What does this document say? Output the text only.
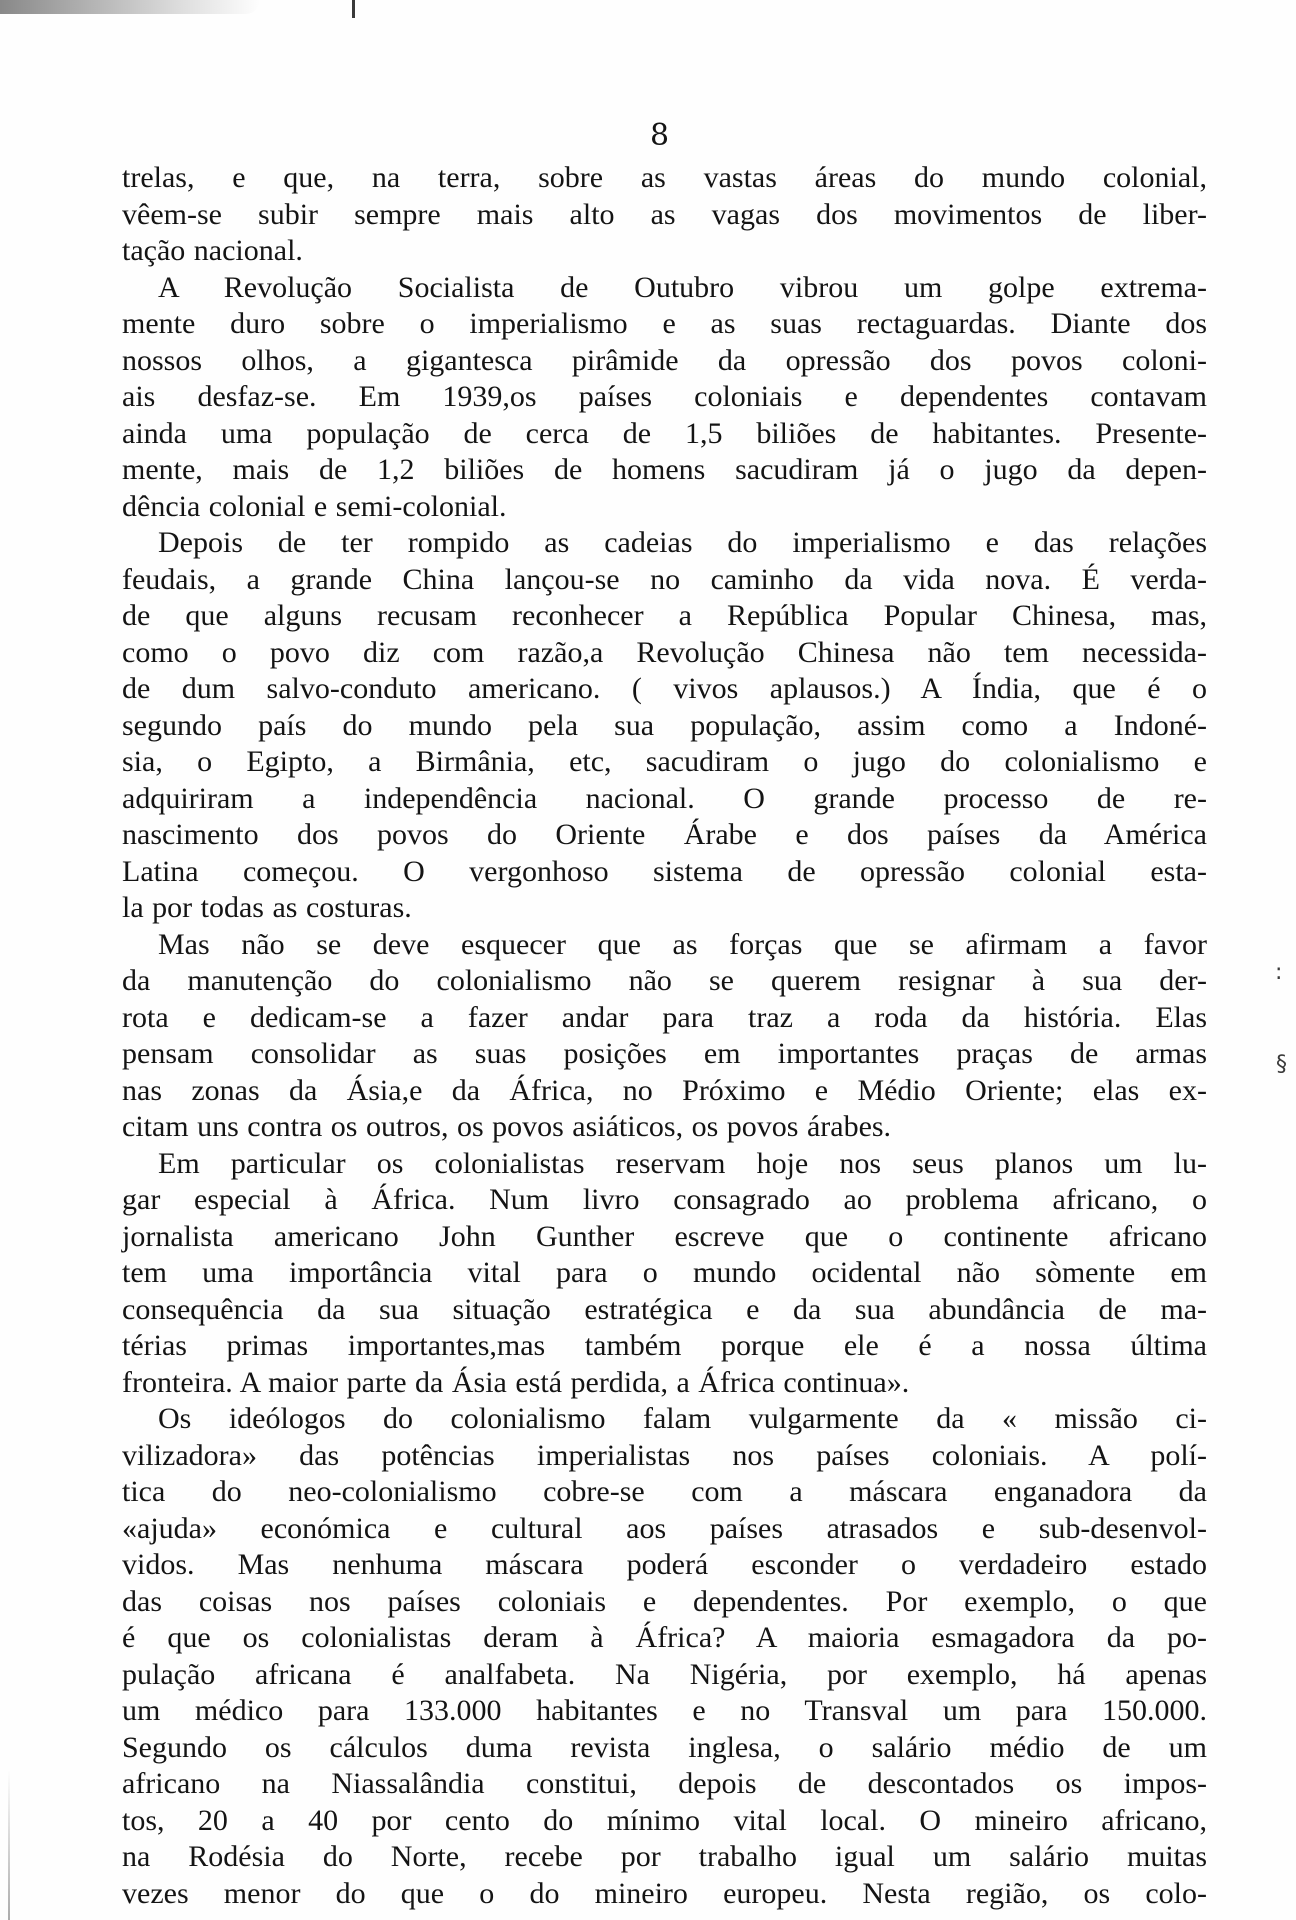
8
trelas, e que, na terra, sobre as vastas áreas do mundo colonial,
vêem-se subir sempre mais alto as vagas dos movimentos de liber-
tação nacional.
A Revolução Socialista de Outubro vibrou um golpe extrema-
mente duro sobre o imperialismo e as suas rectaguardas. Diante dos
nossos olhos, a gigantesca pirâmide da opressão dos povos coloni-
ais desfaz-se. Em 1939,os países coloniais e dependentes contavam
ainda uma população de cerca de 1,5 biliões de habitantes. Presente-
mente, mais de 1,2 biliões de homens sacudiram já o jugo da depen-
dência colonial e semi-colonial.
Depois de ter rompido as cadeias do imperialismo e das relações
feudais, a grande China lançou-se no caminho da vida nova. É verda-
de que alguns recusam reconhecer a República Popular Chinesa, mas,
como o povo diz com razão,a Revolução Chinesa não tem necessida-
de dum salvo-conduto americano. ( vivos aplausos.) A Índia, que é o
segundo país do mundo pela sua população, assim como a Indoné-
sia, o Egipto, a Birmânia, etc, sacudiram o jugo do colonialismo e
adquiriram a independência nacional. O grande processo de re-
nascimento dos povos do Oriente Árabe e dos países da América
Latina começou. O vergonhoso sistema de opressão colonial esta-
la por todas as costuras.
Mas não se deve esquecer que as forças que se afirmam a favor
da manutenção do colonialismo não se querem resignar à sua der-
rota e dedicam-se a fazer andar para traz a roda da história. Elas
pensam consolidar as suas posições em importantes praças de armas
nas zonas da Ásia,e da África, no Próximo e Médio Oriente; elas ex-
citam uns contra os outros, os povos asiáticos, os povos árabes.
Em particular os colonialistas reservam hoje nos seus planos um lu-
gar especial à África. Num livro consagrado ao problema africano, o
jornalista americano John Gunther escreve que o continente africano
tem uma importância vital para o mundo ocidental não sòmente em
consequência da sua situação estratégica e da sua abundância de ma-
térias primas importantes,mas também porque ele é a nossa última
fronteira. A maior parte da Ásia está perdida, a África continua».
Os ideólogos do colonialismo falam vulgarmente da « missão ci-
vilizadora» das potências imperialistas nos países coloniais. A polí-
tica do neo-colonialismo cobre-se com a máscara enganadora da
«ajuda» económica e cultural aos países atrasados e sub-desenvol-
vidos. Mas nenhuma máscara poderá esconder o verdadeiro estado
das coisas nos países coloniais e dependentes. Por exemplo, o que
é que os colonialistas deram à África? A maioria esmagadora da po-
pulação africana é analfabeta. Na Nigéria, por exemplo, há apenas
um médico para 133.000 habitantes e no Transval um para 150.000.
Segundo os cálculos duma revista inglesa, o salário médio de um
africano na Niassalândia constitui, depois de descontados os impos-
tos, 20 a 40 por cento do mínimo vital local. O mineiro africano,
na Rodésia do Norte, recebe por trabalho igual um salário muitas
vezes menor do que o do mineiro europeu. Nesta região, os colo-
:
§
